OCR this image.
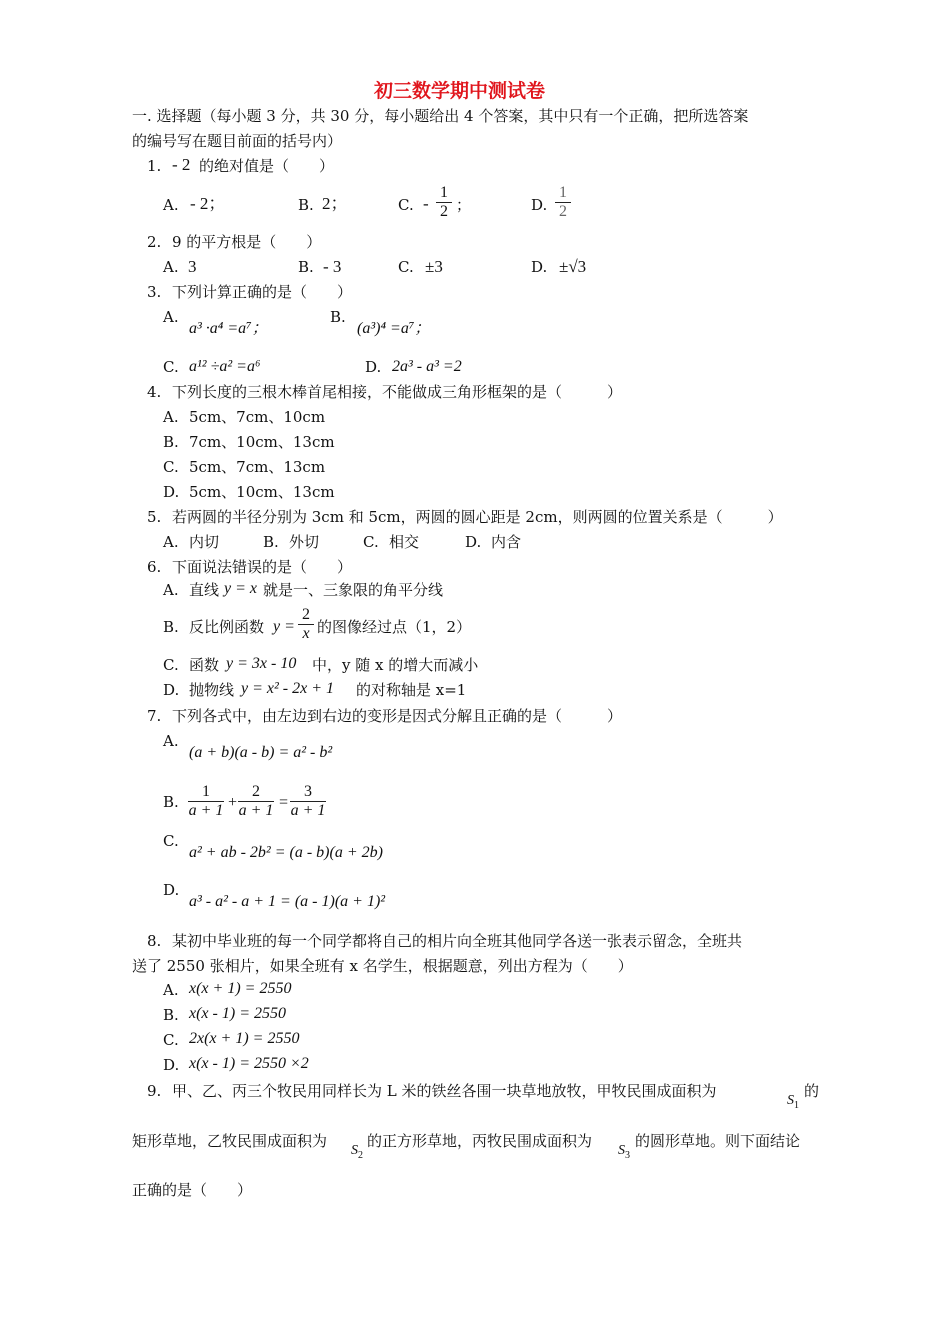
初三数学期中测试卷
一. 选择题（每小题 3 分，共 30 分，每小题给出 4 个答案，其中只有一个正确，把所选答案
的编号写在题目前面的括号内）
1. - 2 的绝对值是（　　）
A. - 2；	B. 2；	C. - $\frac{1}{2}$ ；	D. $\frac{1}{2}$
2. 9 的平方根是（　　）
A. 3	B. - 3	C. ±3	D. ±√3
3. 下列计算正确的是（　　）
A.
a³ ·a⁴ =a⁷；
B.
(a³)⁴ =a⁷；
C. a¹² ÷a² =a⁶	D. 2a³ - a³ =2
4. 下列长度的三根木棒首尾相接，不能做成三角形框架的是（　　　）
A. 5cm、7cm、10cm
B. 7cm、10cm、13cm
C. 5cm、7cm、13cm
D. 5cm、10cm、13cm
5. 若两圆的半径分别为 3cm 和 5cm，两圆的圆心距是 2cm，则两圆的位置关系是（　　　）
A. 内切	B. 外切	C. 相交	D. 内含
6. 下面说法错误的是（　　）
A. 直线 y = x 就是一、三象限的角平分线
B. 反比例函数 $y = \frac{2}{x}$ 的图像经过点（1，2）
C. 函数 y = 3x - 10 中，y 随 x 的增大而减小
D. 抛物线 y = x² - 2x + 1 的对称轴是 x=1
7. 下列各式中，由左边到右边的变形是因式分解且正确的是（　　　）
A.
(a + b)(a - b) = a² - b²
B. $\frac{1}{a + 1} + \frac{2}{a + 1} = \frac{3}{a + 1}$
C.
a² + ab - 2b² = (a - b)(a + 2b)
D.
a³ - a² - a + 1 = (a - 1)(a + 1)²
8. 某初中毕业班的每一个同学都将自己的相片向全班其他同学各送一张表示留念，全班共
送了 2550 张相片，如果全班有 x 名学生，根据题意，列出方程为（　　）
A. x(x + 1) = 2550
B. x(x - 1) = 2550
C. 2x(x + 1) = 2550
D. x(x - 1) = 2550 ×2
9. 甲、乙、丙三个牧民用同样长为 L 米的铁丝各围一块草地放牧，甲牧民围成面积为
$S_1$
的
矩形草地，乙牧民围成面积为
$S_2$
的正方形草地，丙牧民围成面积为
$S_3$
的圆形草地。则下面结论
正确的是（　　）
